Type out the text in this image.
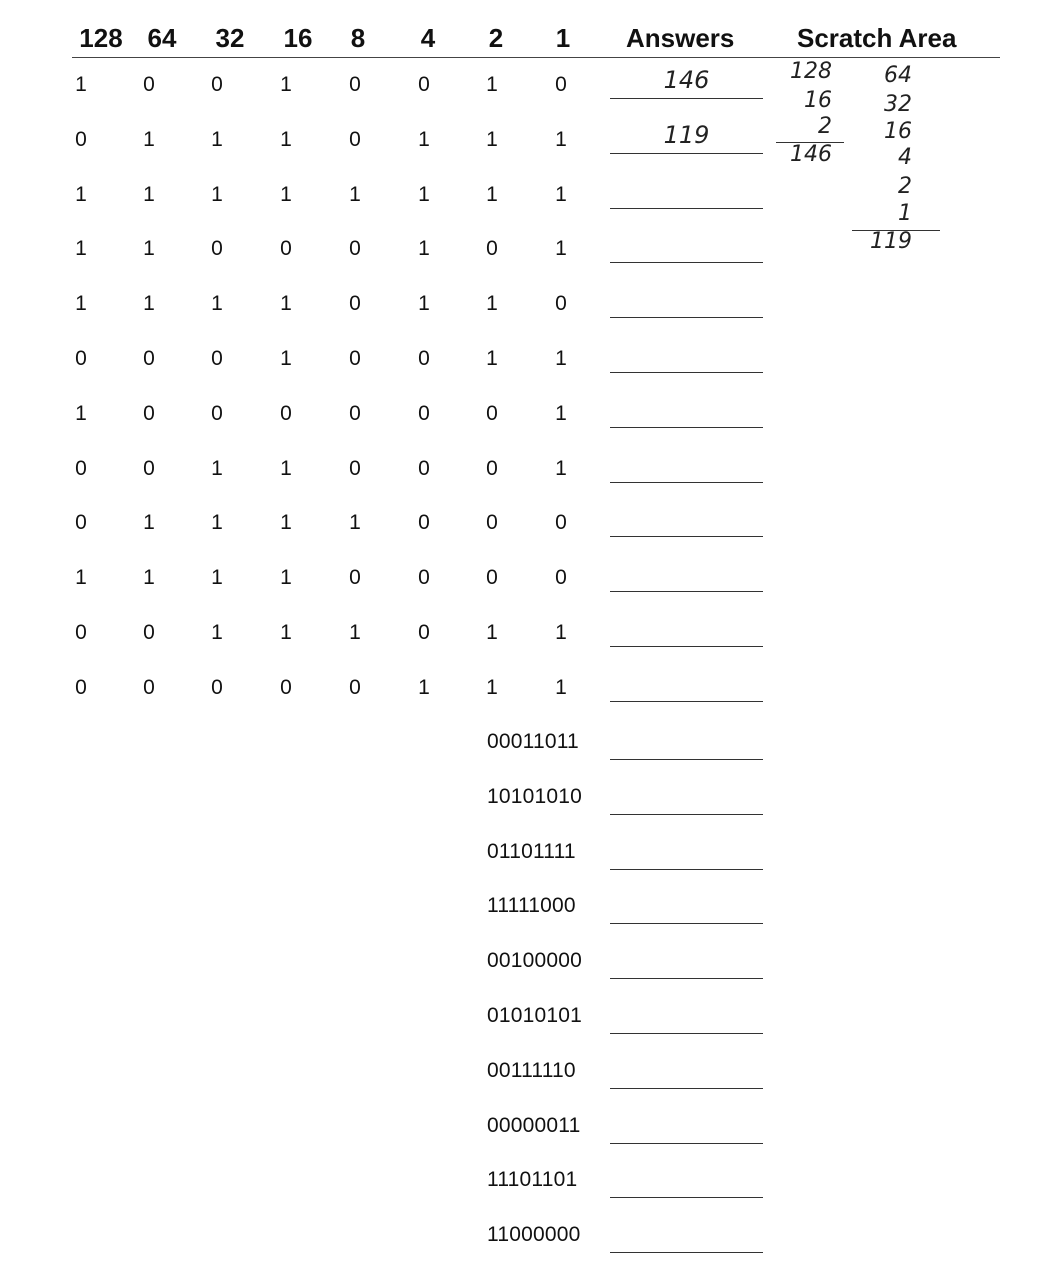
128 64	32	16	8	4	2	1	Answers Scratch Area
1	0	0	1	0	0	1	0	146
0	1	1	1	0	1	1	1	119
1	1	1	1	1	1	1	1
1	1	0	0	0	1	0	1
1	1	1	1	0	1	1	0
0	0	0	1	0	0	1	1
1	0	0	0	0	0	0	1
0	0	1	1	0	0	0	1
0	1	1	1	1	0	0	0
1	1	1	1	0	0	0	0
0	0	1	1	1	0	1	1
0	0	0	0	0	1	1	1
00011011
10101010
01101111
11111000
00100000
01010101
00111110
00000011
11101101
11000000
128
16
2
146
64
32
16
4
2
1
119
